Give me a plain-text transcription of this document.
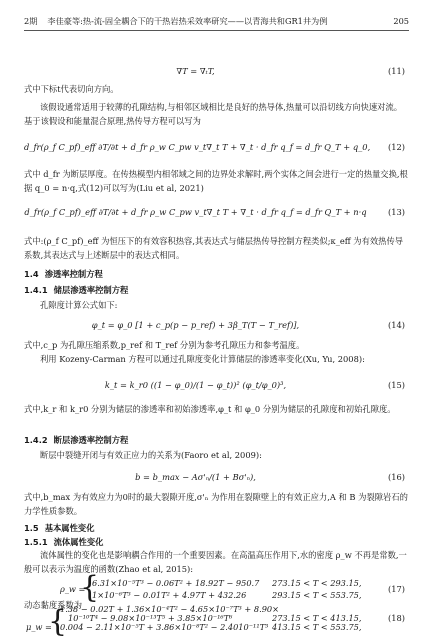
2期 李佳豪等:热-流-固全耦合下的干热岩热采效率研究——以青海共和GR1井为例	205
∇T = ∇ₜT,	(11)
式中下标t代表切向方向。
该假设通常适用于较薄的孔隙结构,与相邻区域相比是良好的热导体,热量可以沿切线方向快速对流。基于该假设和能量混合原理,热传导方程可以写为
d_fr(ρ_f C_pf)_eff ∂T/∂t + d_fr ρ_w C_pw v_t∇_t T + ∇_t · d_fr q_f = d_fr Q_T + q_0, (12)
式中 d_fr 为断层厚度。在传热模型内相邻域之间的边界处求解时,两个实体之间会进行一定的热量交换,根据 q_0 = n·q,式(12)可以写为(Liu et al, 2021)
d_fr(ρ_f C_pf)_eff ∂T/∂t + d_fr ρ_w C_pw v_t∇_t T + ∇_t · d_fr q_f = d_fr Q_T + n·q	(13)
式中:(ρ_f C_pf)_eff 为恒压下的有效容积热容,其表达式与储层热传导控制方程类似;κ_eff 为有效热传导系数,其表达式与上述断层中的表达式相同。
1.4 渗透率控制方程
1.4.1 储层渗透率控制方程
孔隙度计算公式如下:
φ_t = φ_0 [1 + c_p(p − p_ref) + 3β_T(T − T_ref)],	(14)
式中,c_p 为孔隙压缩系数,p_ref 和 T_ref 分别为参考孔隙压力和参考温度。
利用 Kozeny-Carman 方程可以通过孔隙度变化计算储层的渗透率变化(Xu, Yu, 2008):
k_t = k_r0 ((1 − φ_0)/(1 − φ_t))² (φ_t/φ_0)³,	(15)
式中,k_r 和 k_r0 分别为储层的渗透率和初始渗透率,φ_t 和 φ_0 分别为储层的孔隙度和初始孔隙度。
1.4.2 断层渗透率控制方程
断层中裂缝开闭与有效正应力的关系为(Faoro et al, 2009):
b = b_max − Aσ'ₙ/(1 + Bσ'ₙ),	(16)
式中,b_max 为有效应力为0时的最大裂隙开度,σ'ₙ 为作用在裂隙壁上的有效正应力,A 和 B 为裂隙岩石的力学性质参数。
1.5 基本属性变化
1.5.1 流体属性变化
流体属性的变化也是影响耦合作用的一个重要因素。在高温高压作用下,水的密度 ρ_w 不再是常数,一般可以表示为温度的函数(Zhao et al, 2015):
ρ_w =
{
6.31×10⁻⁵T³ − 0.06T² + 18.92T − 950.7 273.15 < T < 293.15,
1×10⁻⁶T³ − 0.01T² + 4.97T + 432.26	293.15 < T < 553.75,
(17)
动态黏度系数为
μ_w =
{
1.38 − 0.02T + 1.36×10⁻⁴T² − 4.65×10⁻⁷T³ + 8.90×
10⁻¹⁰T⁴ − 9.08×10⁻¹³T⁵ + 3.85×10⁻¹⁶T⁶	273.15 < T < 413.15,
0.004 − 2.11×10⁻⁵T + 3.86×10⁻⁸T² − 2.4010⁻¹¹T³ 413.15 < T < 553.75,
(18)
